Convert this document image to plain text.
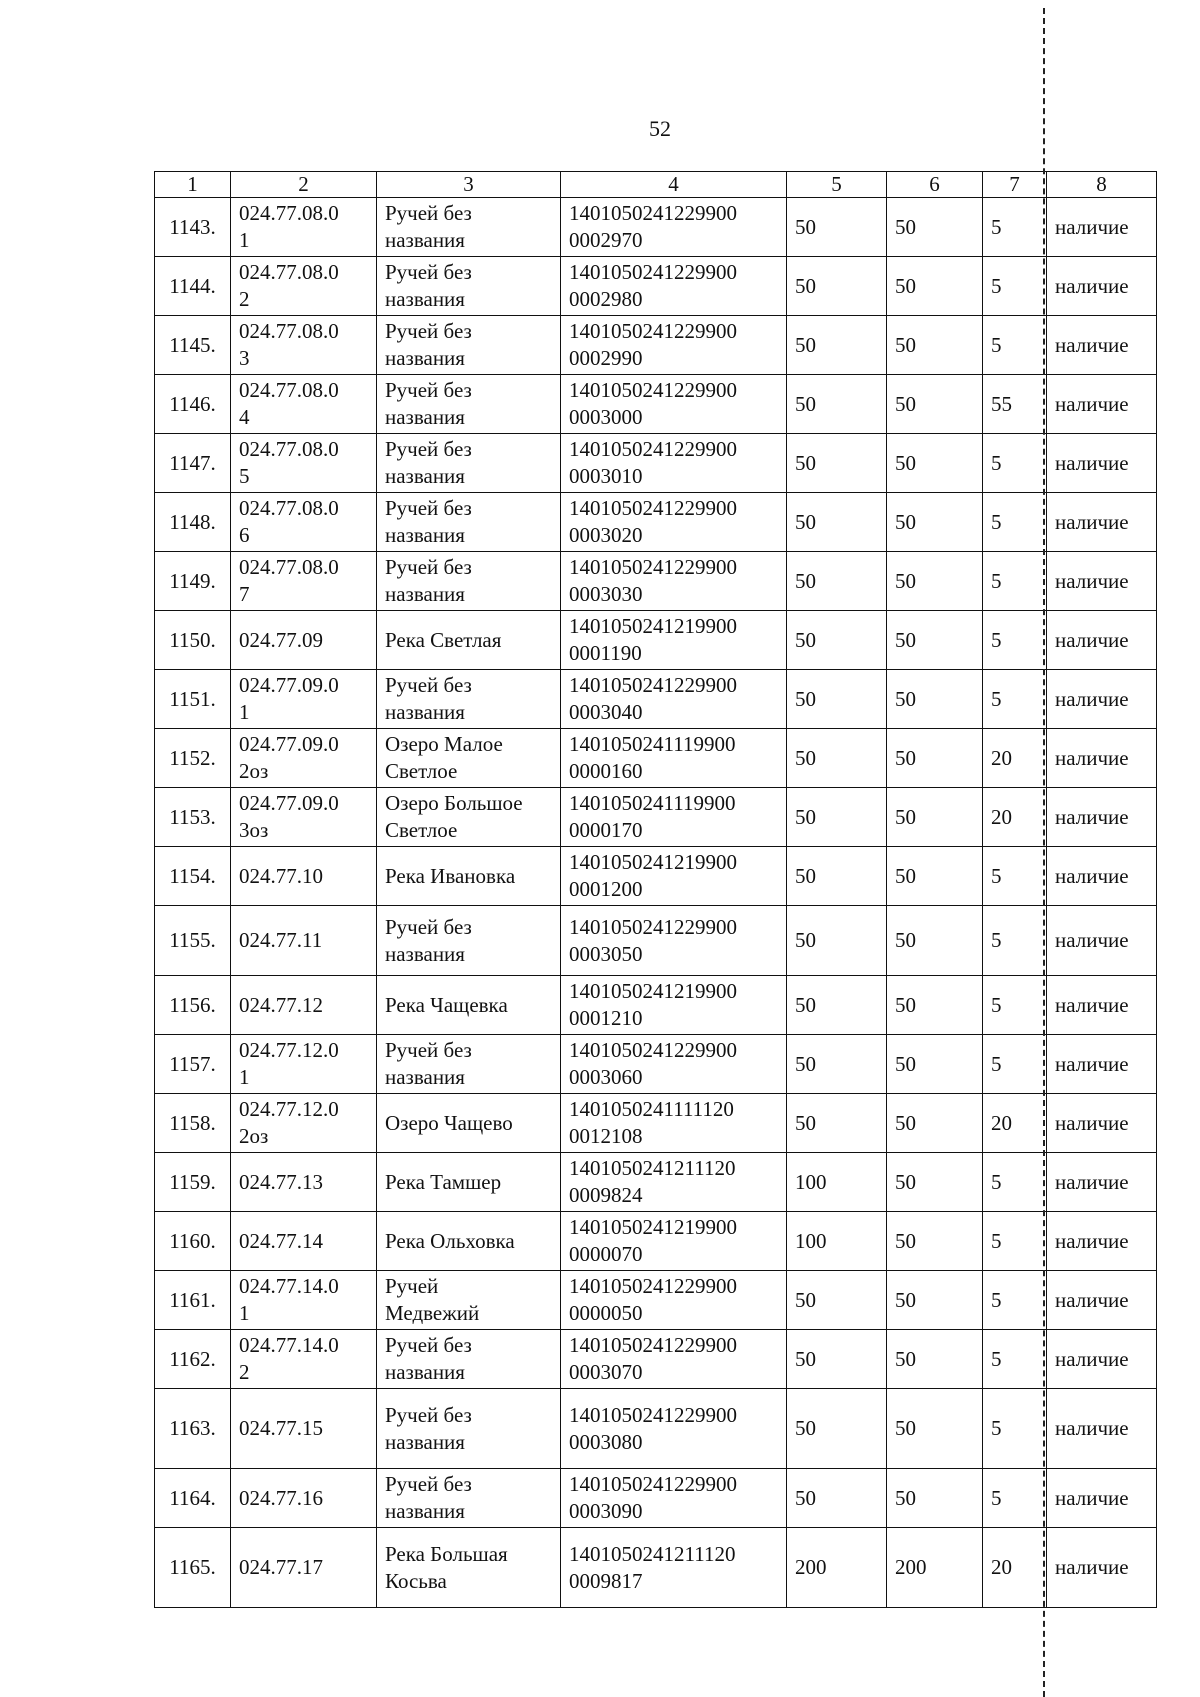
52
1	2	3	4	5	6	7	8
1143.	024.77.08.0
1	Ручей без
названия	1401050241229900
0002970	50	50	5	наличие
1144.	024.77.08.0
2	Ручей без
названия	1401050241229900
0002980	50	50	5	наличие
1145.	024.77.08.0
3	Ручей без
названия	1401050241229900
0002990	50	50	5	наличие
1146.	024.77.08.0
4	Ручей без
названия	1401050241229900
0003000	50	50	55	наличие
1147.	024.77.08.0
5	Ручей без
названия	1401050241229900
0003010	50	50	5	наличие
1148.	024.77.08.0
6	Ручей без
названия	1401050241229900
0003020	50	50	5	наличие
1149.	024.77.08.0
7	Ручей без
названия	1401050241229900
0003030	50	50	5	наличие
1150.	024.77.09	Река Светлая	1401050241219900
0001190	50	50	5	наличие
1151.	024.77.09.0
1	Ручей без
названия	1401050241229900
0003040	50	50	5	наличие
1152.	024.77.09.0
2оз	Озеро Малое
Светлое	1401050241119900
0000160	50	50	20	наличие
1153.	024.77.09.0
3оз	Озеро Большое
Светлое	1401050241119900
0000170	50	50	20	наличие
1154.	024.77.10	Река Ивановка	1401050241219900
0001200	50	50	5	наличие
1155.	024.77.11	Ручей без
названия	1401050241229900
0003050	50	50	5	наличие
1156.	024.77.12	Река Чащевка	1401050241219900
0001210	50	50	5	наличие
1157.	024.77.12.0
1	Ручей без
названия	1401050241229900
0003060	50	50	5	наличие
1158.	024.77.12.0
2оз	Озеро Чащево	1401050241111120
0012108	50	50	20	наличие
1159.	024.77.13	Река Тамшер	1401050241211120
0009824	100	50	5	наличие
1160.	024.77.14	Река Ольховка	1401050241219900
0000070	100	50	5	наличие
1161.	024.77.14.0
1	Ручей
Медвежий	1401050241229900
0000050	50	50	5	наличие
1162.	024.77.14.0
2	Ручей без
названия	1401050241229900
0003070	50	50	5	наличие
1163.	024.77.15	Ручей без
названия	1401050241229900
0003080	50	50	5	наличие
1164.	024.77.16	Ручей без
названия	1401050241229900
0003090	50	50	5	наличие
1165.	024.77.17	Река Большая
Косьва	1401050241211120
0009817	200	200	20	наличие
